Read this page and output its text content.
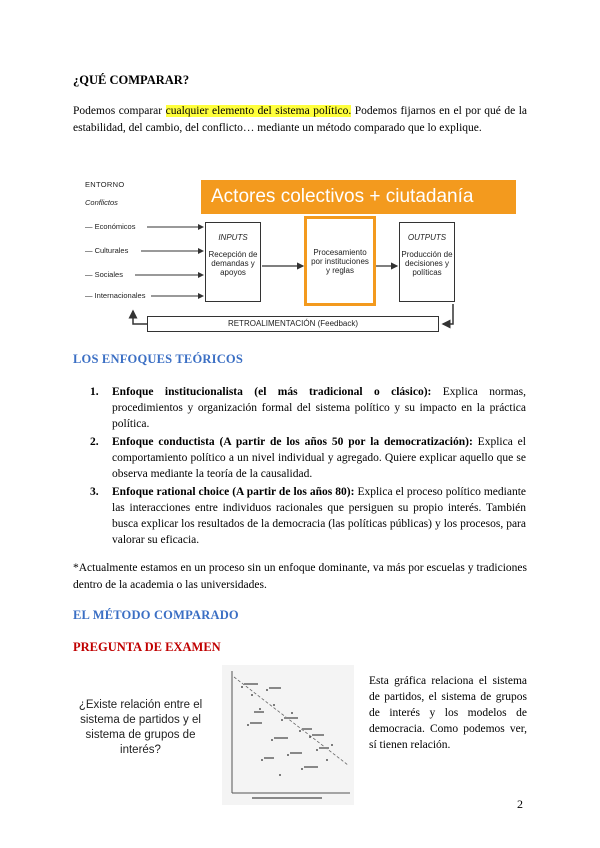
¿QUÉ COMPARAR?
Podemos comparar cualquier elemento del sistema político. Podemos fijarnos en el por qué de la estabilidad, del cambio, del conflicto… mediante un método comparado que lo explique.
ENTORNO
Conflictos
— Económicos
— Culturales
— Sociales
— Internacionales
Actores colectivos + ciutadanía
INPUTS
Recepción de demandas y apoyos
Procesamiento por instituciones y reglas
OUTPUTS
Producción de decisiones y políticas
RETROALIMENTACIÓN (Feedback)
LOS ENFOQUES TEÓRICOS
1. Enfoque institucionalista (el más tradicional o clásico): Explica normas, procedimientos y organización formal del sistema político y su impacto en la práctica política.
2. Enfoque conductista (A partir de los años 50 por la democratización): Explica el comportamiento político a un nivel individual y agregado. Quiere explicar aquello que se observa mediante la teoría de la causalidad.
3. Enfoque rational choice (A partir de los años 80): Explica el proceso político mediante las interacciones entre individuos racionales que persiguen su propio interés. También busca explicar los resultados de la democracia (las políticas públicas) y los procesos, para valorar su eficacia.
*Actualmente estamos en un proceso sin un enfoque dominante, va más por escuelas y tradiciones dentro de la academia o las universidades.
EL MÉTODO COMPARADO
PREGUNTA DE EXAMEN
¿Existe relación entre el sistema de partidos y el sistema de grupos de interés?
Esta gráfica relaciona el sistema de partidos, el sistema de grupos de interés y los modelos de democracia. Como podemos ver, sí tienen relación.
2
